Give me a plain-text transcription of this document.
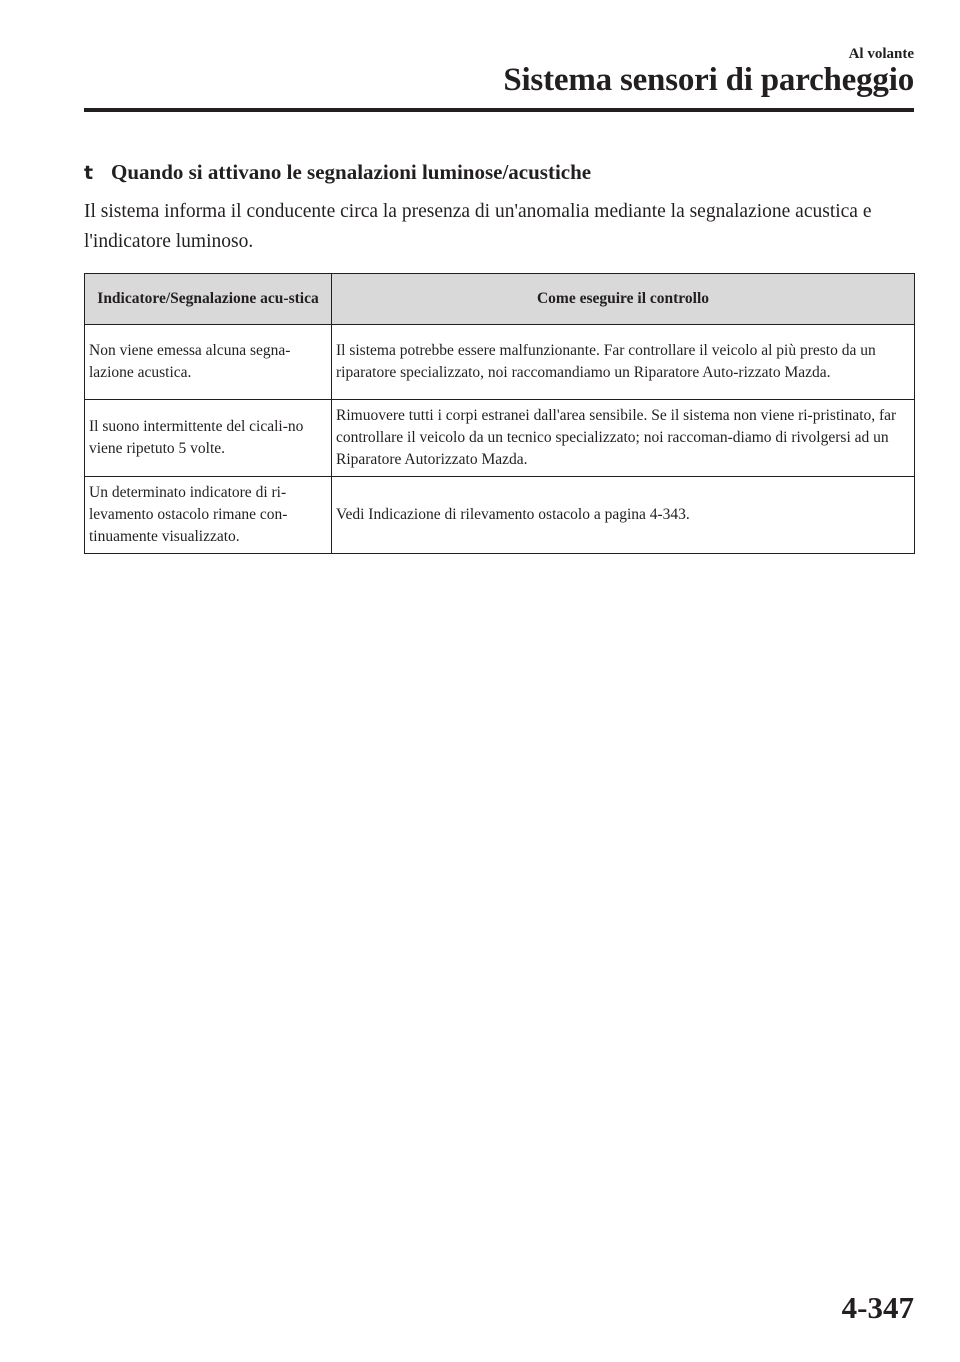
Al volante
Sistema sensori di parcheggio
t Quando si attivano le segnalazioni luminose/acustiche

Il sistema informa il conducente circa la presenza di un'anomalia mediante la segnalazione acustica e l'indicatore luminoso.

Indicatore/Segnalazione acu-stica	Come eseguire il controllo
Non viene emessa alcuna segna-lazione acustica.	Il sistema potrebbe essere malfunzionante. Far controllare il veicolo al più presto da un riparatore specializzato, noi raccomandiamo un Riparatore Auto-rizzato Mazda.
Il suono intermittente del cicali-no viene ripetuto 5 volte.	Rimuovere tutti i corpi estranei dall'area sensibile. Se il sistema non viene ri-pristinato, far controllare il veicolo da un tecnico specializzato; noi raccoman-diamo di rivolgersi ad un Riparatore Autorizzato Mazda.
Un determinato indicatore di ri-levamento ostacolo rimane con-tinuamente visualizzato.	Vedi Indicazione di rilevamento ostacolo a pagina 4-343.
4-347
